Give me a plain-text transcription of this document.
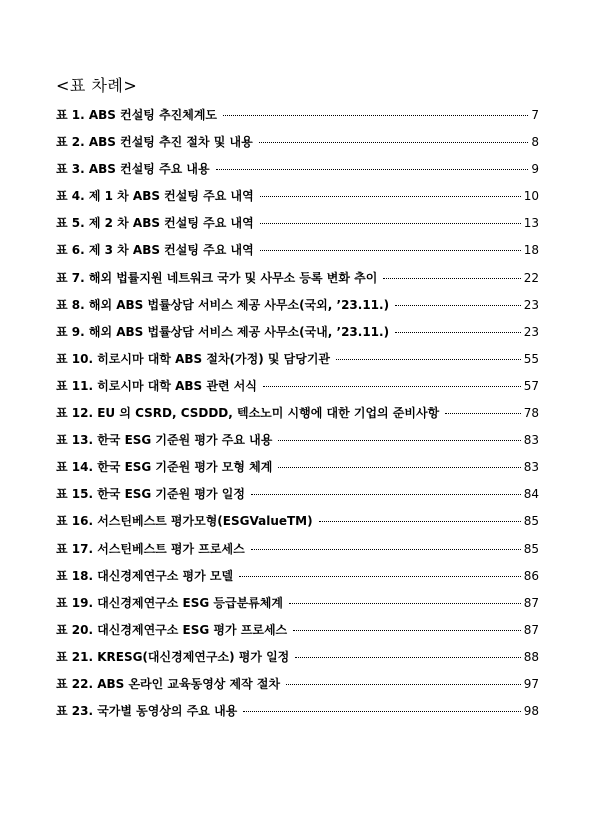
<표 차례>
표 1. ABS 컨설팅 추진체계도	7
표 2. ABS 컨설팅 추진 절차 및 내용	8
표 3. ABS 컨설팅 주요 내용	9
표 4. 제 1 차 ABS 컨설팅 주요 내역	10
표 5. 제 2 차 ABS 컨설팅 주요 내역	13
표 6. 제 3 차 ABS 컨설팅 주요 내역	18
표 7. 해외 법률지원 네트워크 국가 및 사무소 등록 변화 추이	22
표 8. 해외 ABS 법률상담 서비스 제공 사무소(국외, ’23.11.)	23
표 9. 해외 ABS 법률상담 서비스 제공 사무소(국내, ’23.11.)	23
표 10. 히로시마 대학 ABS 절차(가정) 및 담당기관	55
표 11. 히로시마 대학 ABS 관련 서식	57
표 12. EU 의 CSRD, CSDDD, 텍소노미 시행에 대한 기업의 준비사항	78
표 13. 한국 ESG 기준원 평가 주요 내용	83
표 14. 한국 ESG 기준원 평가 모형 체계	83
표 15. 한국 ESG 기준원 평가 일정	84
표 16. 서스틴베스트 평가모형(ESGValueTM)	85
표 17. 서스틴베스트 평가 프로세스	85
표 18. 대신경제연구소 평가 모델	86
표 19. 대신경제연구소 ESG 등급분류체계	87
표 20. 대신경제연구소 ESG 평가 프로세스	87
표 21. KRESG(대신경제연구소) 평가 일정	88
표 22. ABS 온라인 교육동영상 제작 절차	97
표 23. 국가별 동영상의 주요 내용	98
